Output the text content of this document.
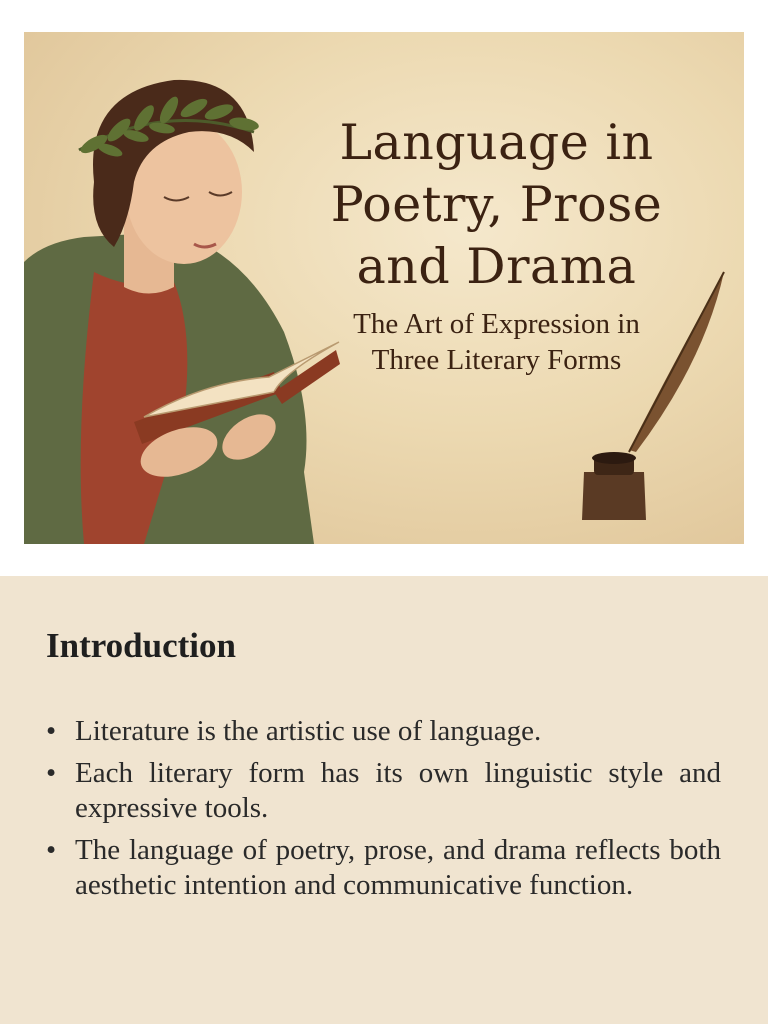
Language in
Poetry, Prose
and Drama

The Art of Expression in
Three Literary Forms

Introduction
• Literature is the artistic use of language.
• Each literary form has its own linguistic style and expressive tools.
• The language of poetry, prose, and drama reflects both aesthetic intention and communicative function.
